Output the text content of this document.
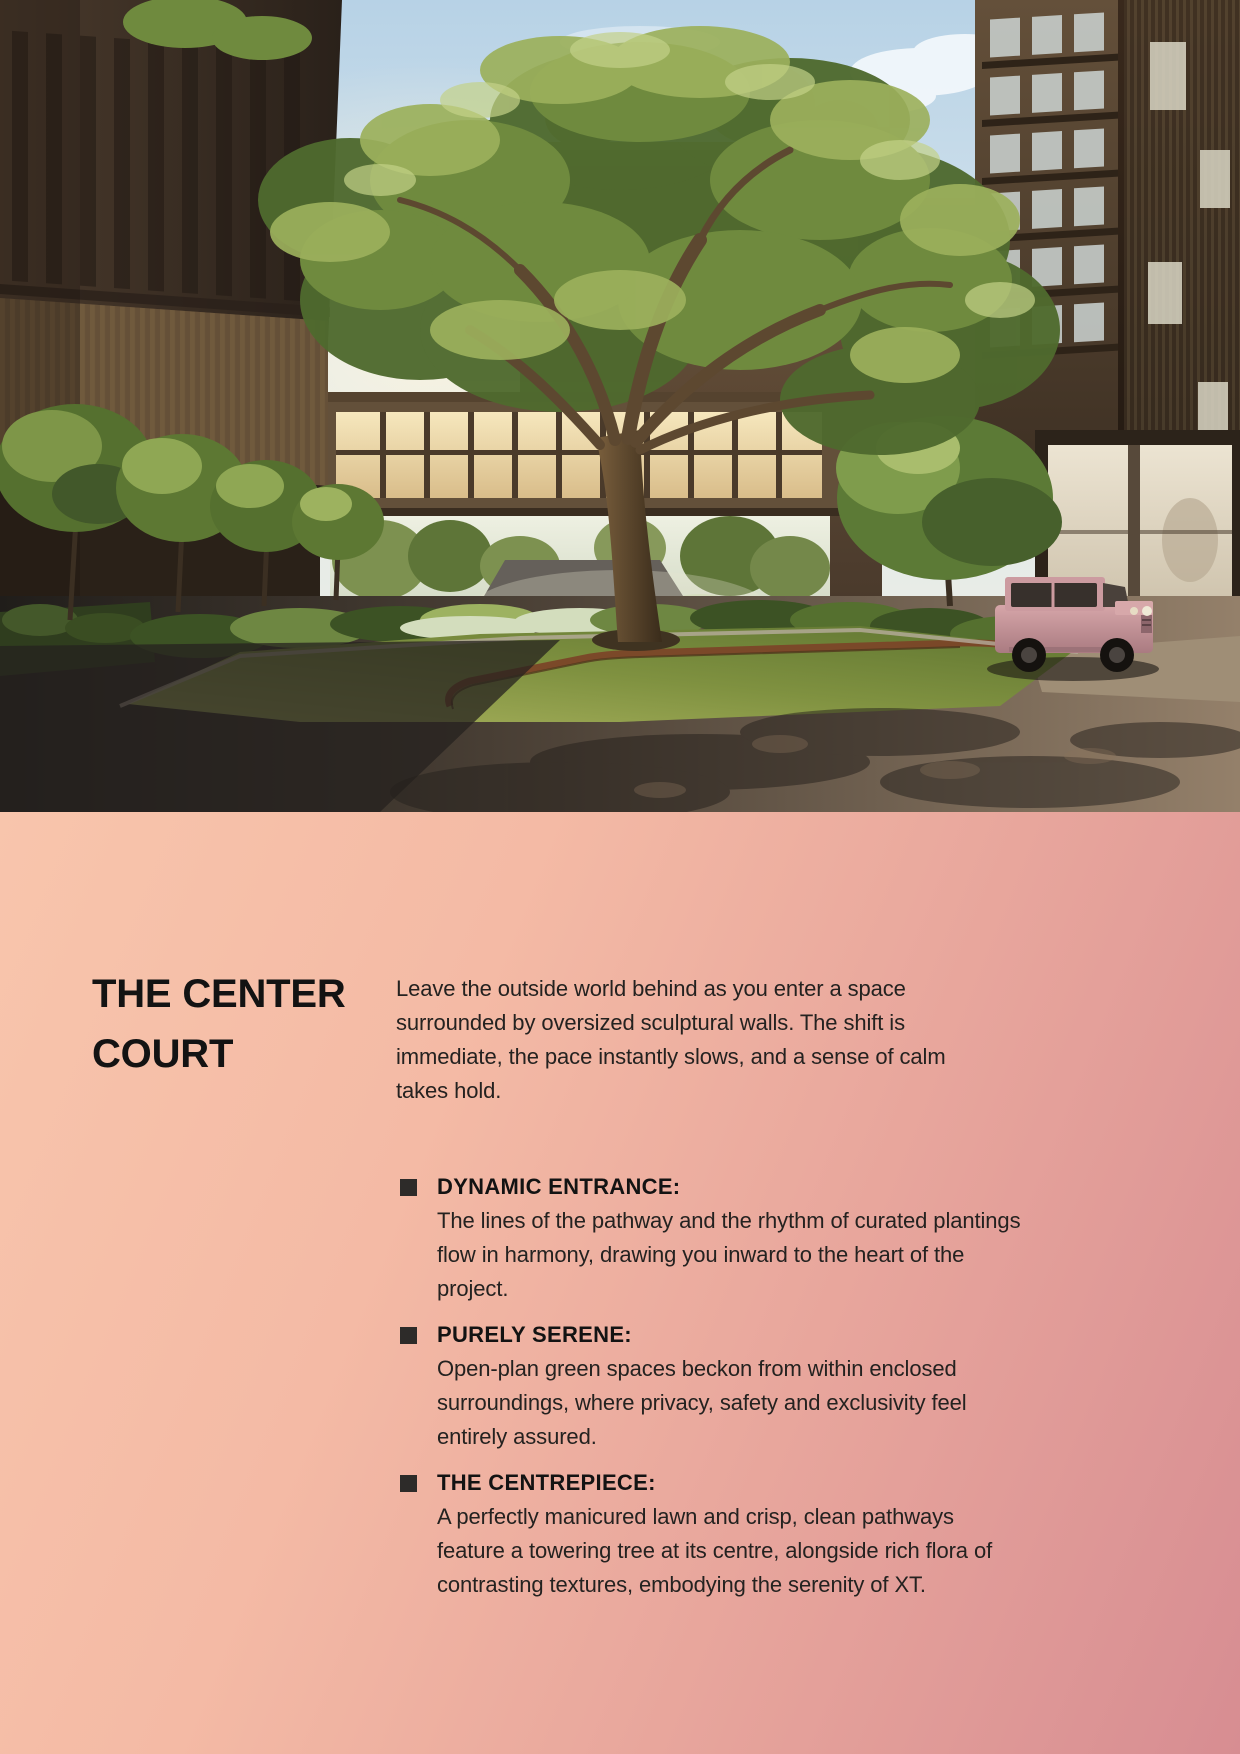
THE CENTER
COURT

Leave the outside world behind as you enter a space surrounded by oversized sculptural walls. The shift is immediate, the pace instantly slows, and a sense of calm takes hold.

DYNAMIC ENTRANCE:
The lines of the pathway and the rhythm of curated plantings flow in harmony, drawing you inward to the heart of the project.
PURELY SERENE:
Open-plan green spaces beckon from within enclosed surroundings, where privacy, safety and exclusivity feel entirely assured.
THE CENTREPIECE:
A perfectly manicured lawn and crisp, clean pathways feature a towering tree at its centre, alongside rich flora of contrasting textures, embodying the serenity of XT.
